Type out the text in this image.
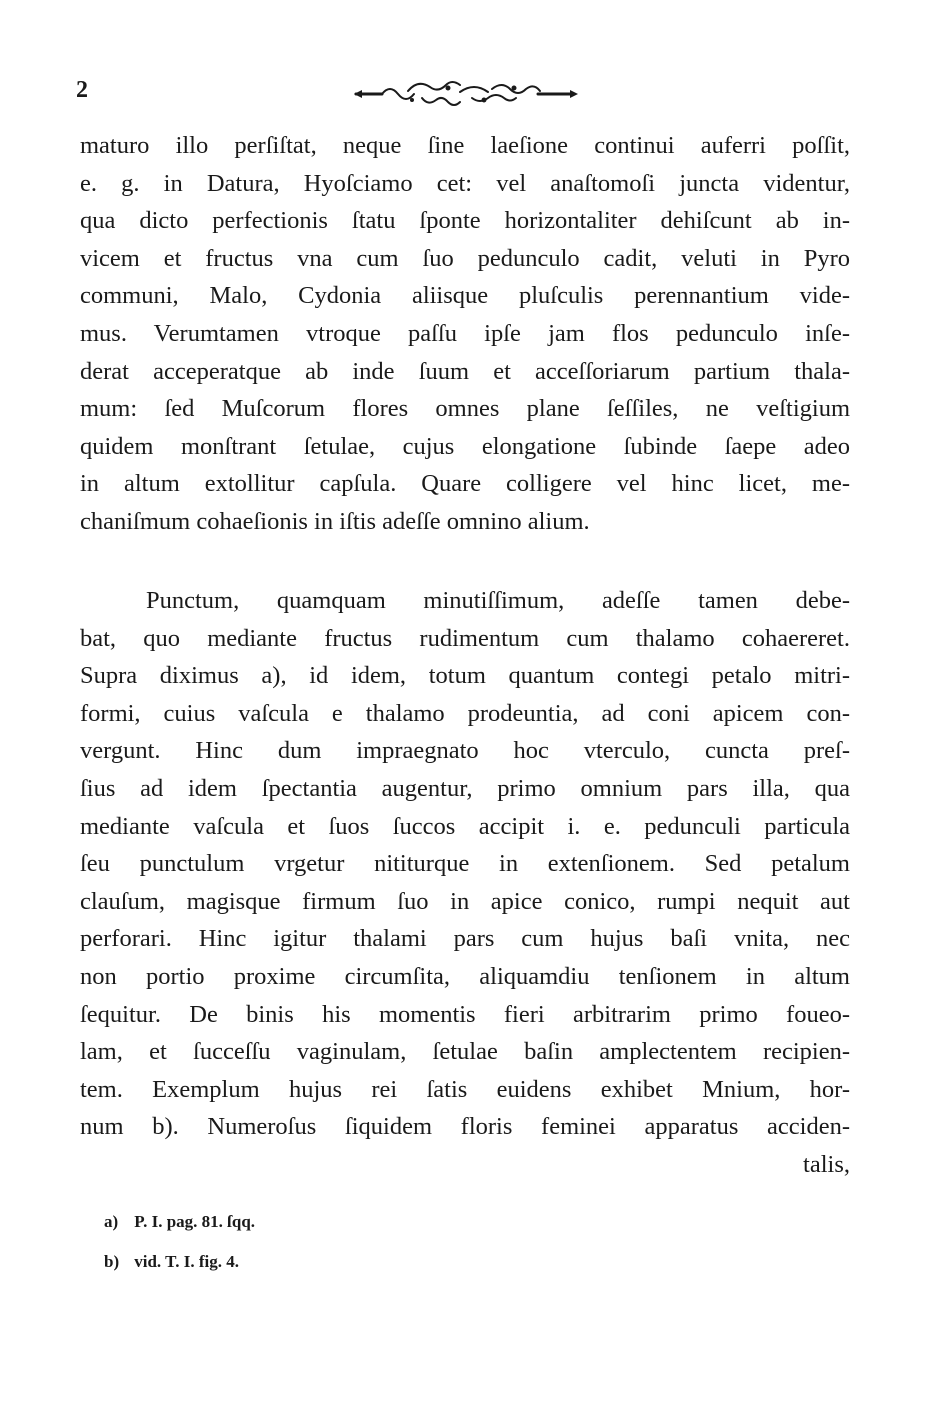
2
maturo illo perſiſtat, neque ſine laeſione continui auferri poſſit,
e. g. in Datura, Hyoſciamo cet: vel anaſtomoſi juncta videntur,
qua dicto perfectionis ſtatu ſponte horizontaliter dehiſcunt ab in-
vicem et fructus vna cum ſuo pedunculo cadit, veluti in Pyro
communi, Malo, Cydonia aliisque pluſculis perennantium vide-
mus. Verumtamen vtroque paſſu ipſe jam flos pedunculo inſe-
derat acceperatque ab inde ſuum et acceſſoriarum partium thala-
mum: ſed Muſcorum flores omnes plane ſeſſiles, ne veſtigium
quidem monſtrant ſetulae, cujus elongatione ſubinde ſaepe adeo
in altum extollitur capſula. Quare colligere vel hinc licet, me-
chaniſmum cohaeſionis in iſtis adeſſe omnino alium.
Punctum, quamquam minutiſſimum, adeſſe tamen debe-
bat, quo mediante fructus rudimentum cum thalamo cohaereret.
Supra diximus a), id idem, totum quantum contegi petalo mitri-
formi, cuius vaſcula e thalamo prodeuntia, ad coni apicem con-
vergunt. Hinc dum impraegnato hoc vterculo, cuncta preſ-
ſius ad idem ſpectantia augentur, primo omnium pars illa, qua
mediante vaſcula et ſuos ſuccos accipit i. e. pedunculi particula
ſeu punctulum vrgetur nititurque in extenſionem. Sed petalum
clauſum, magisque firmum ſuo in apice conico, rumpi nequit aut
perforari. Hinc igitur thalami pars cum hujus baſi vnita, nec
non portio proxime circumſita, aliquamdiu tenſionem in altum
ſequitur. De binis his momentis fieri arbitrarim primo foueo-
lam, et ſucceſſu vaginulam, ſetulae baſin amplectentem recipien-
tem. Exemplum hujus rei ſatis euidens exhibet Mnium, hor-
num b). Numeroſus ſiquidem floris feminei apparatus acciden-
talis,
a) P. I. pag. 81. ſqq.
b) vid. T. I. fig. 4.
